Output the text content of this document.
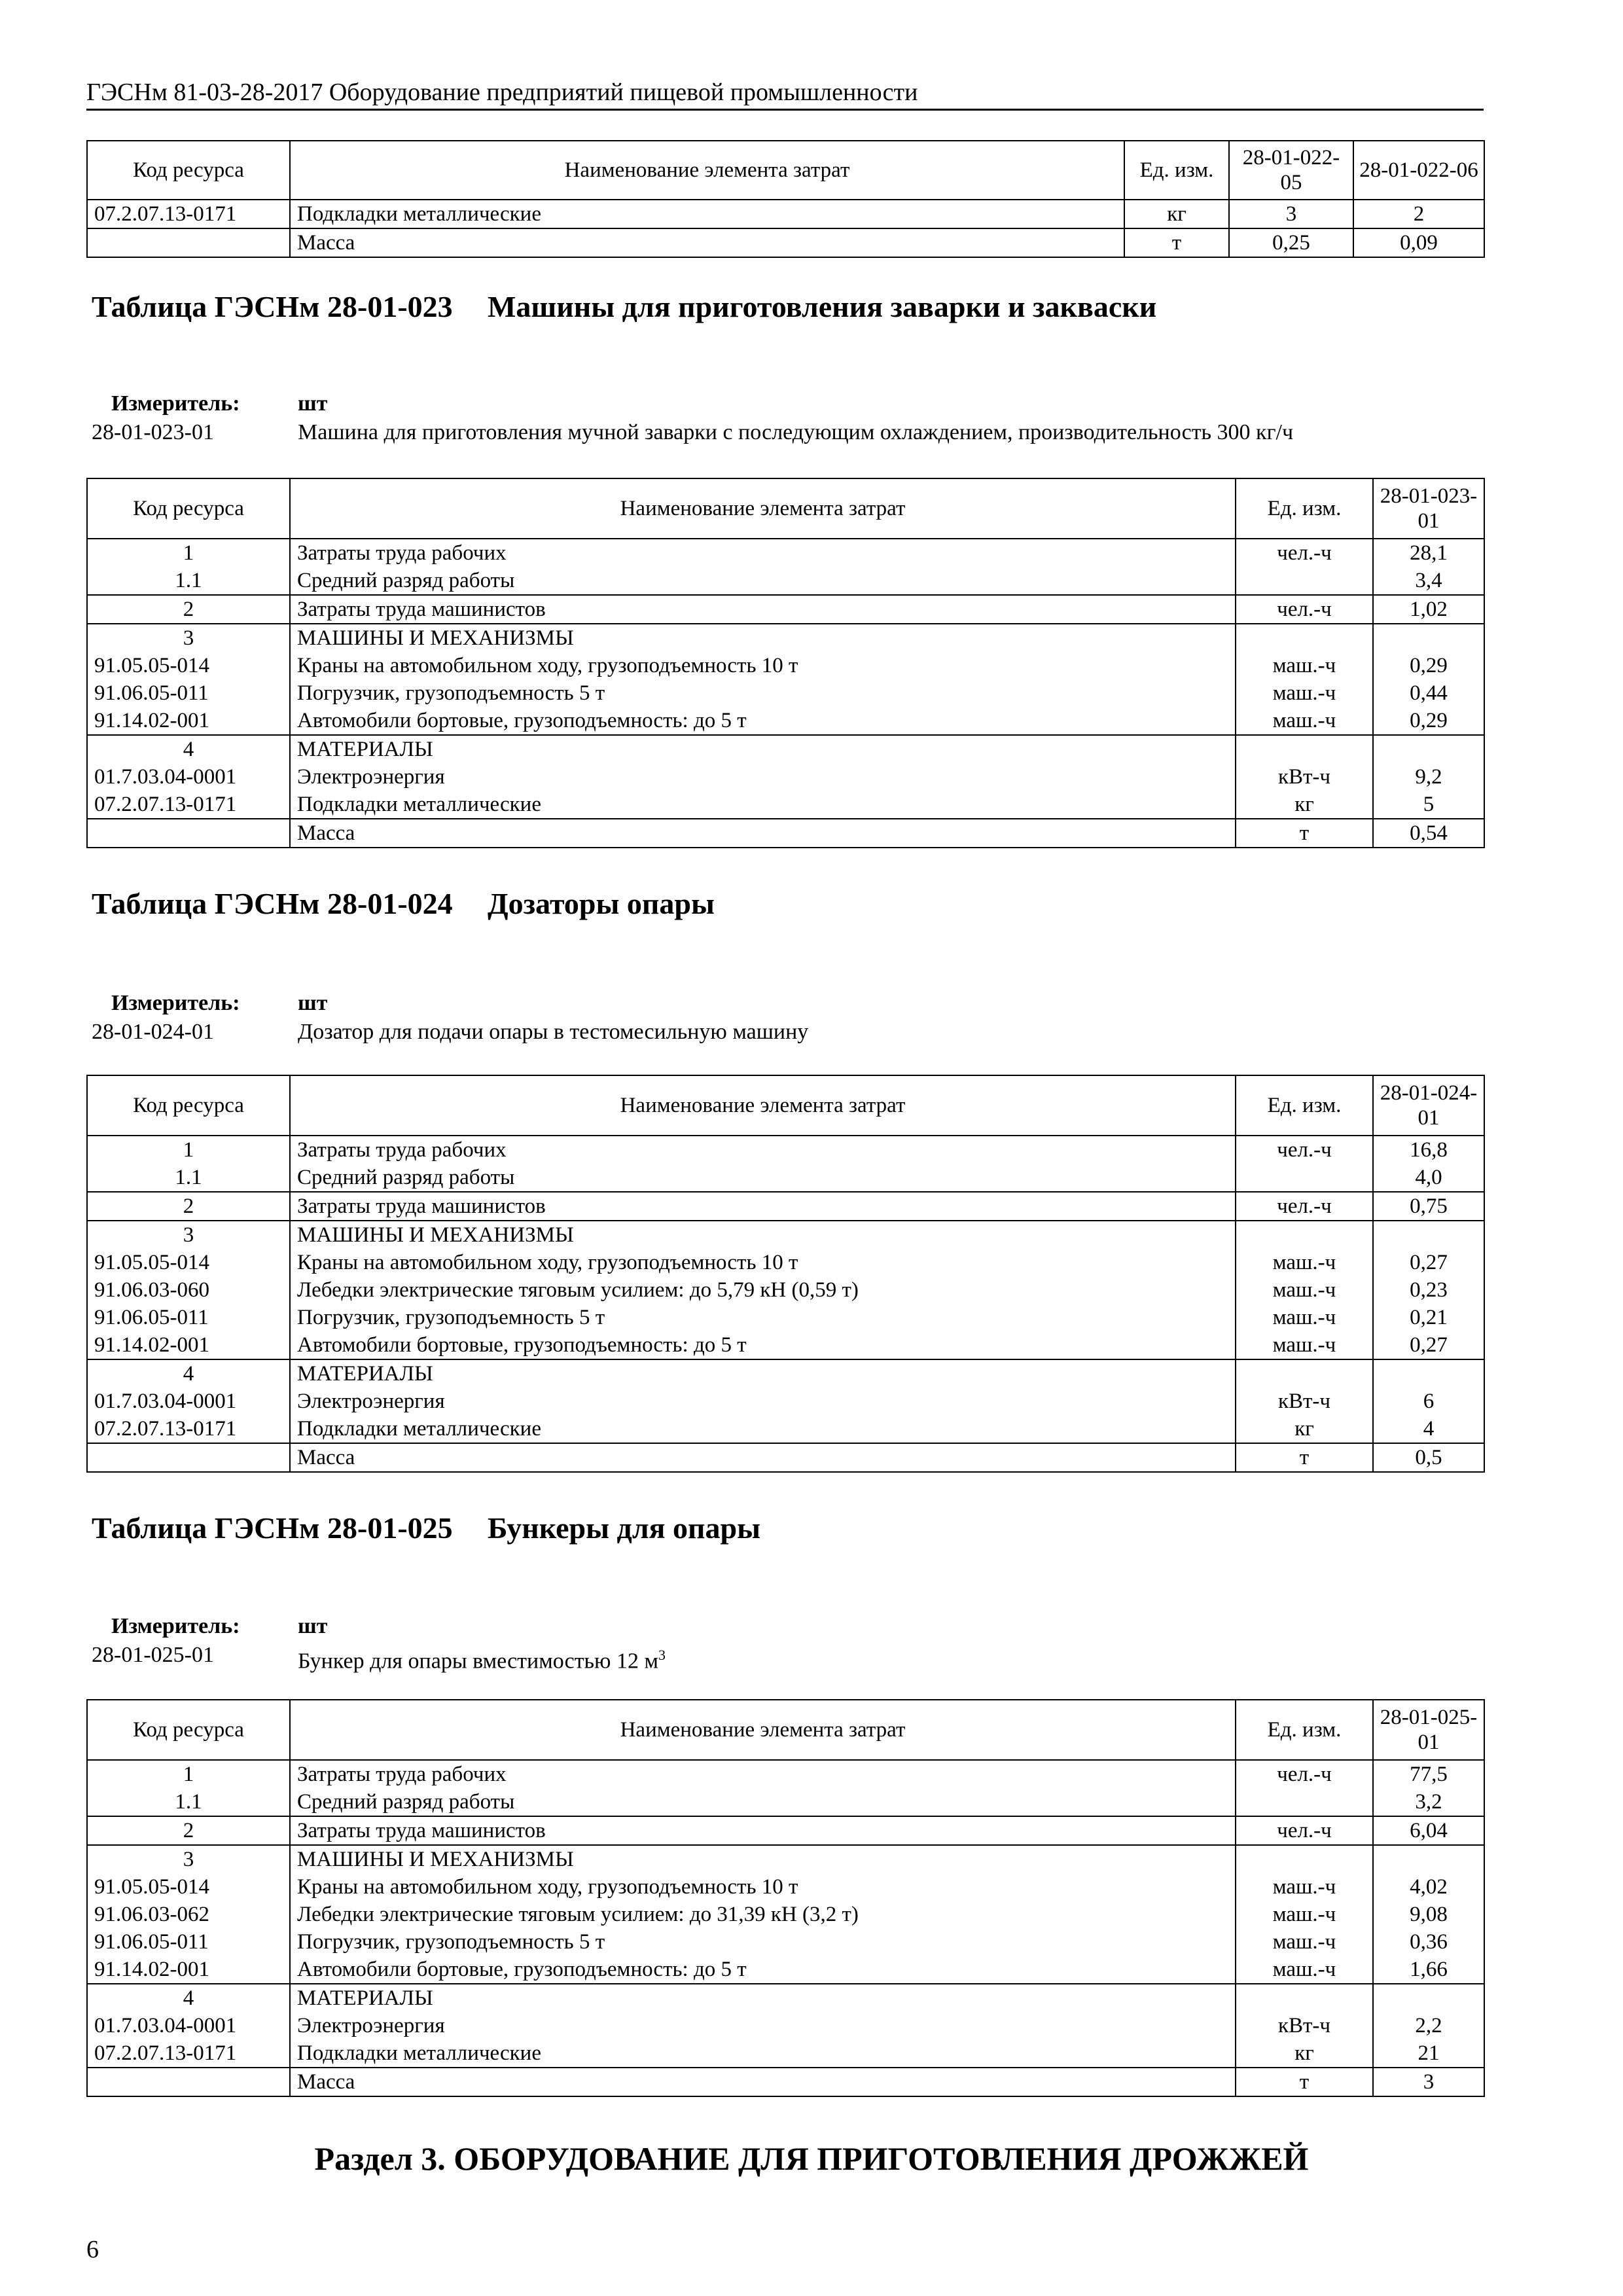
ГЭСНм 81-03-28-2017 Оборудование предприятий пищевой промышленности
Код ресурса	Наименование элемента затрат	Ед. изм.	28-01-022-05	28-01-022-06
07.2.07.13-0171	Подкладки металлические	кг	3	2
	Масса	т	0,25	0,09
Таблица ГЭСНм 28-01-023 Машины для приготовления заварки и закваски
Измеритель:	шт
28-01-023-01	Машина для приготовления мучной заварки с последующим охлаждением, производительность 300 кг/ч
Код ресурса	Наименование элемента затрат	Ед. изм.	28-01-023-01
1	Затраты труда рабочих	чел.-ч	28,1
1.1	Средний разряд работы		3,4
2	Затраты труда машинистов	чел.-ч	1,02
3	МАШИНЫ И МЕХАНИЗМЫ		
91.05.05-014	Краны на автомобильном ходу, грузоподъемность 10 т	маш.-ч	0,29
91.06.05-011	Погрузчик, грузоподъемность 5 т	маш.-ч	0,44
91.14.02-001	Автомобили бортовые, грузоподъемность: до 5 т	маш.-ч	0,29
4	МАТЕРИАЛЫ		
01.7.03.04-0001	Электроэнергия	кВт-ч	9,2
07.2.07.13-0171	Подкладки металлические	кг	5
	Масса	т	0,54
Таблица ГЭСНм 28-01-024 Дозаторы опары
Измеритель:	шт
28-01-024-01	Дозатор для подачи опары в тестомесильную машину
Код ресурса	Наименование элемента затрат	Ед. изм.	28-01-024-01
1	Затраты труда рабочих	чел.-ч	16,8
1.1	Средний разряд работы		4,0
2	Затраты труда машинистов	чел.-ч	0,75
3	МАШИНЫ И МЕХАНИЗМЫ		
91.05.05-014	Краны на автомобильном ходу, грузоподъемность 10 т	маш.-ч	0,27
91.06.03-060	Лебедки электрические тяговым усилием: до 5,79 кН (0,59 т)	маш.-ч	0,23
91.06.05-011	Погрузчик, грузоподъемность 5 т	маш.-ч	0,21
91.14.02-001	Автомобили бортовые, грузоподъемность: до 5 т	маш.-ч	0,27
4	МАТЕРИАЛЫ		
01.7.03.04-0001	Электроэнергия	кВт-ч	6
07.2.07.13-0171	Подкладки металлические	кг	4
	Масса	т	0,5
Таблица ГЭСНм 28-01-025 Бункеры для опары
Измеритель:	шт
28-01-025-01	Бункер для опары вместимостью 12 $м^3$
Код ресурса	Наименование элемента затрат	Ед. изм.	28-01-025-01
1	Затраты труда рабочих	чел.-ч	77,5
1.1	Средний разряд работы		3,2
2	Затраты труда машинистов	чел.-ч	6,04
3	МАШИНЫ И МЕХАНИЗМЫ		
91.05.05-014	Краны на автомобильном ходу, грузоподъемность 10 т	маш.-ч	4,02
91.06.03-062	Лебедки электрические тяговым усилием: до 31,39 кН (3,2 т)	маш.-ч	9,08
91.06.05-011	Погрузчик, грузоподъемность 5 т	маш.-ч	0,36
91.14.02-001	Автомобили бортовые, грузоподъемность: до 5 т	маш.-ч	1,66
4	МАТЕРИАЛЫ		
01.7.03.04-0001	Электроэнергия	кВт-ч	2,2
07.2.07.13-0171	Подкладки металлические	кг	21
	Масса	т	3
Раздел 3. ОБОРУДОВАНИЕ ДЛЯ ПРИГОТОВЛЕНИЯ ДРОЖЖЕЙ
6
